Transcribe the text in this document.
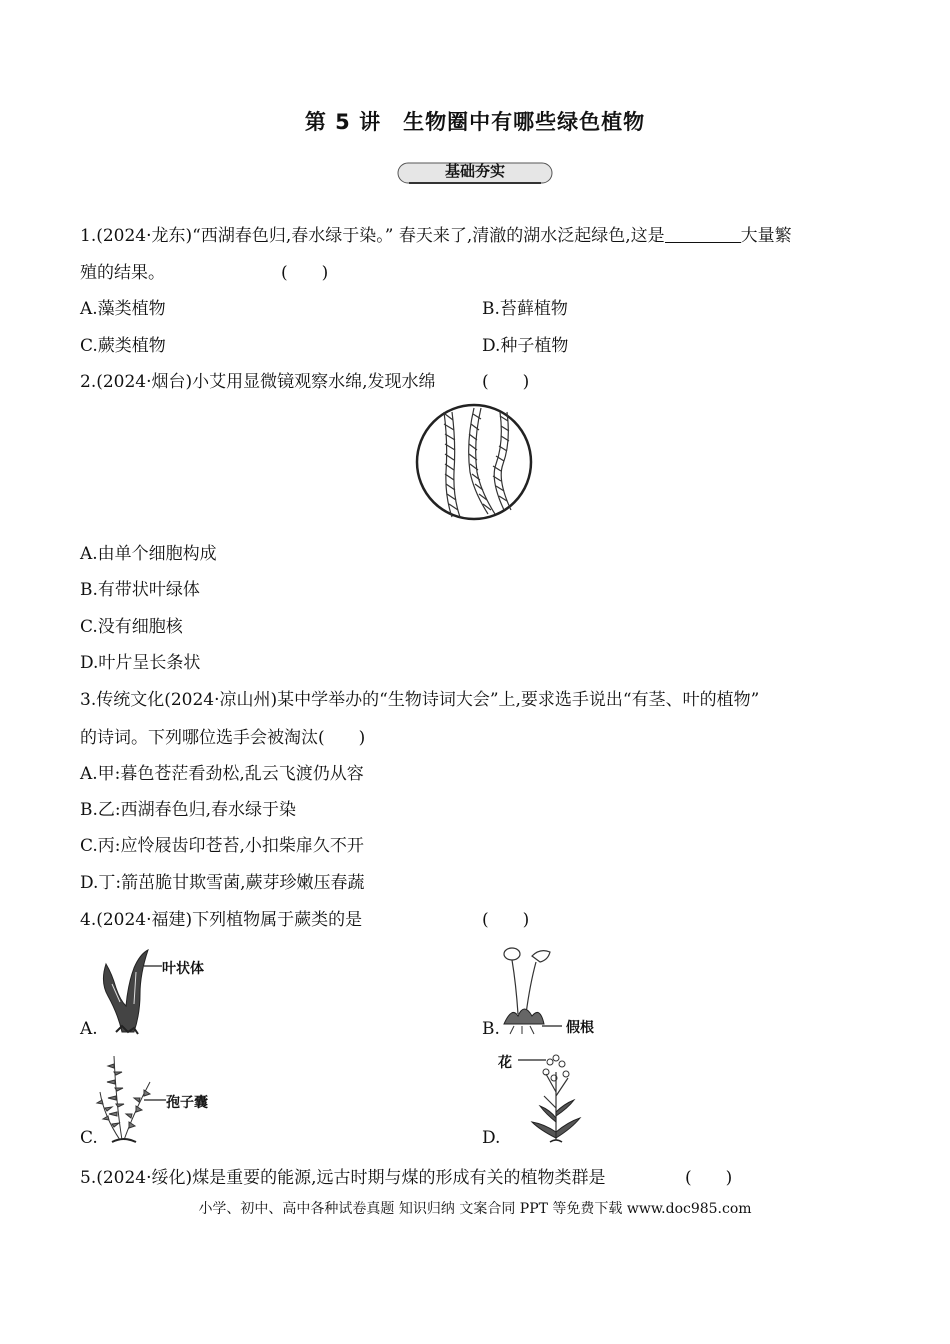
第 5 讲　生物圈中有哪些绿色植物
基础夯实
1.(2024·龙东)“西湖春色归,春水绿于染。” 春天来了,清澈的湖水泛起绿色,这是	大量繁
殖的结果。	(　　)
A.藻类植物	B.苔藓植物
C.蕨类植物	D.种子植物
2.(2024·烟台)小艾用显微镜观察水绵,发现水绵	(　　)
A.由单个细胞构成
B.有带状叶绿体
C.没有细胞核
D.叶片呈长条状
3.传统文化(2024·凉山州)某中学举办的“生物诗词大会”上,要求选手说出“有茎、叶的植物”
的诗词。下列哪位选手会被淘汰(　　)
A.甲:暮色苍茫看劲松,乱云飞渡仍从容
B.乙:西湖春色归,春水绿于染
C.丙:应怜屐齿印苍苔,小扣柴扉久不开
D.丁:箭茁脆甘欺雪菌,蕨芽珍嫩压春蔬
4.(2024·福建)下列植物属于蕨类的是	(　　)
A.
叶状体
B.	假根
C.
孢子囊
D.
花
5.(2024·绥化)煤是重要的能源,远古时期与煤的形成有关的植物类群是	(　　)
小学、初中、高中各种试卷真题 知识归纳 文案合同 PPT 等免费下载 www.doc985.com
